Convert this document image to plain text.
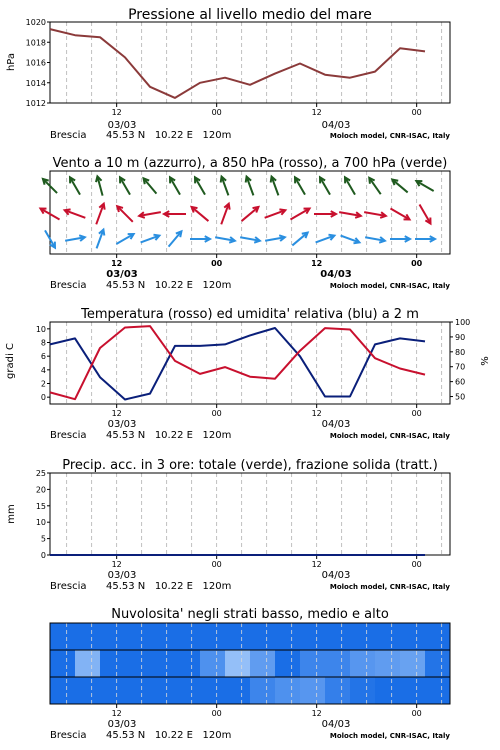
Pressione al livello medio del mare
hPa
1012
1014
1016
1018
1020
12	00	12	00
03/03	04/03
Brescia 45.53 N   10.22 E   120m	Moloch model, CNR-ISAC, Italy
Vento a 10 m (azzurro), a 850 hPa (rosso), a 700 hPa (verde)
12	00	12	00
03/03	04/03
Brescia 45.53 N   10.22 E   120m	Moloch model, CNR-ISAC, Italy
Temperatura (rosso) ed umidita' relativa (blu) a 2 m
gradi C	%
0
2
4
6
8
10
50
60
70
80
90
100
12	00	12	00
03/03	04/03
Brescia 45.53 N   10.22 E   120m	Moloch model, CNR-ISAC, Italy
Precip. acc. in 3 ore: totale (verde), frazione solida (tratt.)
mm
0
5
10
15
20
25
12	00	12	00
03/03	04/03
Brescia 45.53 N   10.22 E   120m	Moloch model, CNR-ISAC, Italy
Nuvolosita' negli strati basso, medio e alto
12	00	12	00
03/03	04/03
Brescia 45.53 N   10.22 E   120m	Moloch model, CNR-ISAC, Italy
